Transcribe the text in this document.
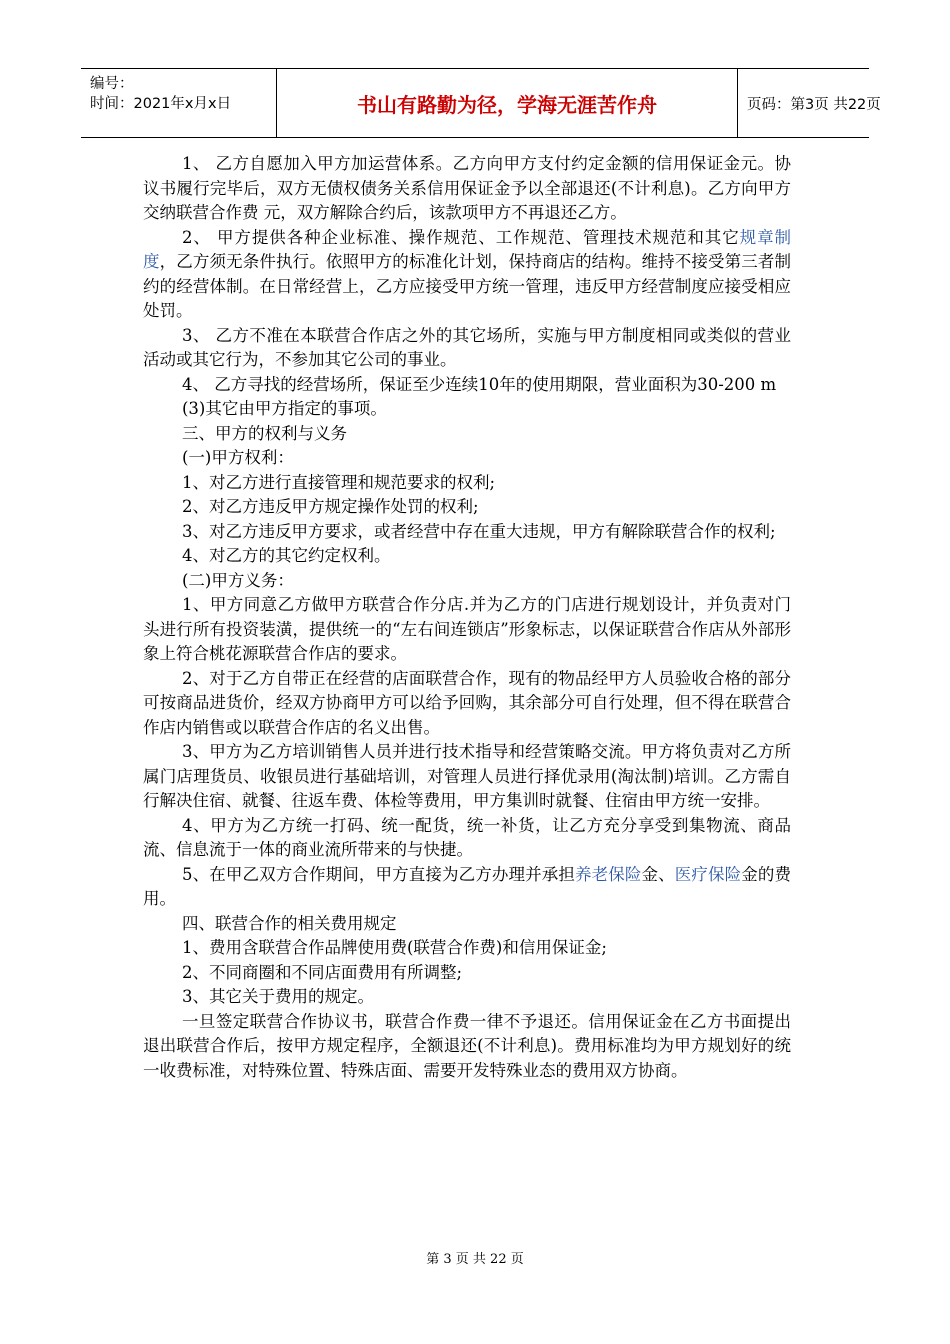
编号：
时间：2021年x月x日	书山有路勤为径，学海无涯苦作舟	页码：第3页 共22页

1、 乙方自愿加入甲方加运营体系。乙方向甲方支付约定金额的信用保证金元。协议书履行完毕后，双方无债权债务关系信用保证金予以全部退还(不计利息)。乙方向甲方交纳联营合作费 元，双方解除合约后，该款项甲方不再退还乙方。

2、 甲方提供各种企业标准、操作规范、工作规范、管理技术规范和其它规章制度，乙方须无条件执行。依照甲方的标准化计划，保持商店的结构。维持不接受第三者制约的经营体制。在日常经营上，乙方应接受甲方统一管理，违反甲方经营制度应接受相应处罚。

3、 乙方不准在本联营合作店之外的其它场所，实施与甲方制度相同或类似的营业活动或其它行为，不参加其它公司的事业。

4、 乙方寻找的经营场所，保证至少连续10年的使用期限，营业面积为30-200 m

(3)其它由甲方指定的事项。

三、甲方的权利与义务

(一)甲方权利：

1、对乙方进行直接管理和规范要求的权利;

2、对乙方违反甲方规定操作处罚的权利;

3、对乙方违反甲方要求，或者经营中存在重大违规，甲方有解除联营合作的权利;

4、对乙方的其它约定权利。

(二)甲方义务：

1、甲方同意乙方做甲方联营合作分店.并为乙方的门店进行规划设计，并负责对门头进行所有投资装潢，提供统一的“左右间连锁店”形象标志，以保证联营合作店从外部形象上符合桃花源联营合作店的要求。

2、对于乙方自带正在经营的店面联营合作，现有的物品经甲方人员验收合格的部分可按商品进货价，经双方协商甲方可以给予回购，其余部分可自行处理，但不得在联营合作店内销售或以联营合作店的名义出售。

3、甲方为乙方培训销售人员并进行技术指导和经营策略交流。甲方将负责对乙方所属门店理货员、收银员进行基础培训，对管理人员进行择优录用(淘汰制)培训。乙方需自行解决住宿、就餐、往返车费、体检等费用，甲方集训时就餐、住宿由甲方统一安排。

4、甲方为乙方统一打码、统一配货，统一补货，让乙方充分享受到集物流、商品流、信息流于一体的商业流所带来的与快捷。

5、在甲乙双方合作期间，甲方直接为乙方办理并承担养老保险金、医疗保险金的费用。

四、联营合作的相关费用规定

1、费用含联营合作品牌使用费(联营合作费)和信用保证金;

2、不同商圈和不同店面费用有所调整;

3、其它关于费用的规定。

一旦签定联营合作协议书，联营合作费一律不予退还。信用保证金在乙方书面提出退出联营合作后，按甲方规定程序，全额退还(不计利息)。费用标准均为甲方规划好的统一收费标准，对特殊位置、特殊店面、需要开发特殊业态的费用双方协商。

第 3 页 共 22 页
